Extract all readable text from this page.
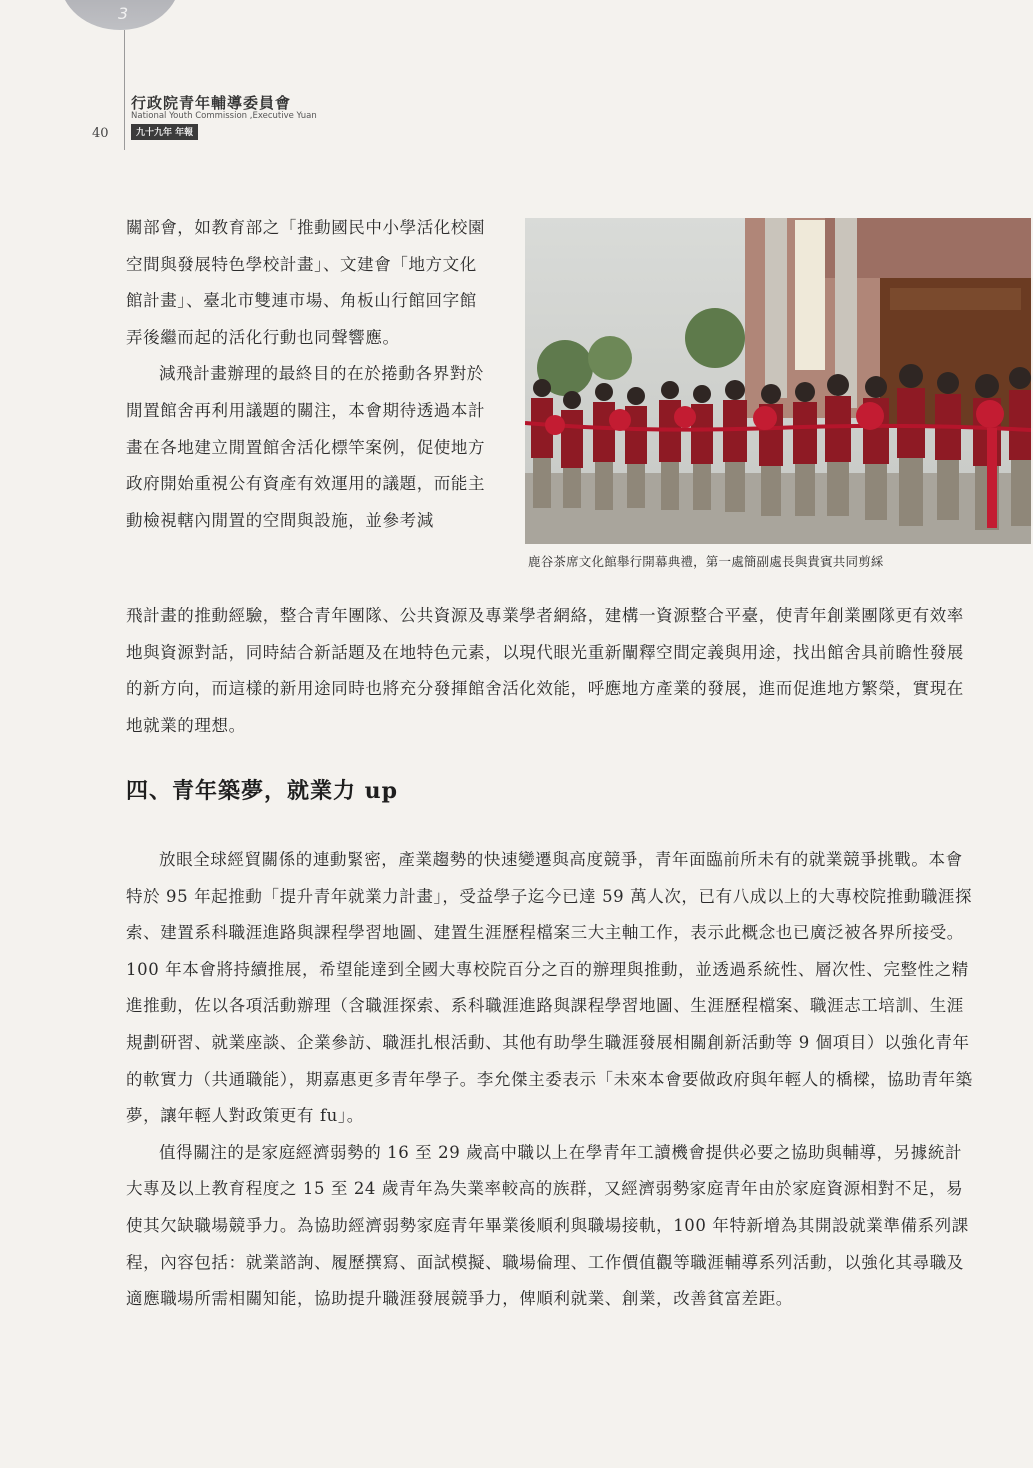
3
行政院青年輔導委員會
National Youth Commission ,Executive Yuan
九十九年 年報
40

關部會，如教育部之「推動國民中小學活化校園空間與發展特色學校計畫」、文建會「地方文化館計畫」、臺北市雙連市場、角板山行館回字館弄後繼而起的活化行動也同聲響應。

減飛計畫辦理的最終目的在於捲動各界對於閒置館舍再利用議題的關注，本會期待透過本計畫在各地建立閒置館舍活化標竿案例，促使地方政府開始重視公有資產有效運用的議題，而能主動檢視轄內閒置的空間與設施，並參考減

鹿谷茶席文化館舉行開幕典禮，第一處簡副處長與貴賓共同剪綵

飛計畫的推動經驗，整合青年團隊、公共資源及專業學者網絡，建構一資源整合平臺，使青年創業團隊更有效率地與資源對話，同時結合新話題及在地特色元素，以現代眼光重新闡釋空間定義與用途，找出館舍具前瞻性發展的新方向，而這樣的新用途同時也將充分發揮館舍活化效能，呼應地方產業的發展，進而促進地方繁榮，實現在地就業的理想。

四、青年築夢，就業力 up

放眼全球經貿關係的連動緊密，產業趨勢的快速變遷與高度競爭，青年面臨前所未有的就業競爭挑戰。本會特於 95 年起推動「提升青年就業力計畫」，受益學子迄今已達 59 萬人次，已有八成以上的大專校院推動職涯探索、建置系科職涯進路與課程學習地圖、建置生涯歷程檔案三大主軸工作，表示此概念也已廣泛被各界所接受。100 年本會將持續推展，希望能達到全國大專校院百分之百的辦理與推動，並透過系統性、層次性、完整性之精進推動，佐以各項活動辦理（含職涯探索、系科職涯進路與課程學習地圖、生涯歷程檔案、職涯志工培訓、生涯規劃研習、就業座談、企業參訪、職涯扎根活動、其他有助學生職涯發展相關創新活動等 9 個項目）以強化青年的軟實力（共通職能），期嘉惠更多青年學子。李允傑主委表示「未來本會要做政府與年輕人的橋樑，協助青年築夢，讓年輕人對政策更有 fu」。

值得關注的是家庭經濟弱勢的 16 至 29 歲高中職以上在學青年工讀機會提供必要之協助與輔導，另據統計大專及以上教育程度之 15 至 24 歲青年為失業率較高的族群，又經濟弱勢家庭青年由於家庭資源相對不足，易使其欠缺職場競爭力。為協助經濟弱勢家庭青年畢業後順利與職場接軌，100 年特新增為其開設就業準備系列課程，內容包括：就業諮詢、履歷撰寫、面試模擬、職場倫理、工作價值觀等職涯輔導系列活動，以強化其尋職及適應職場所需相關知能，協助提升職涯發展競爭力，俾順利就業、創業，改善貧富差距。
